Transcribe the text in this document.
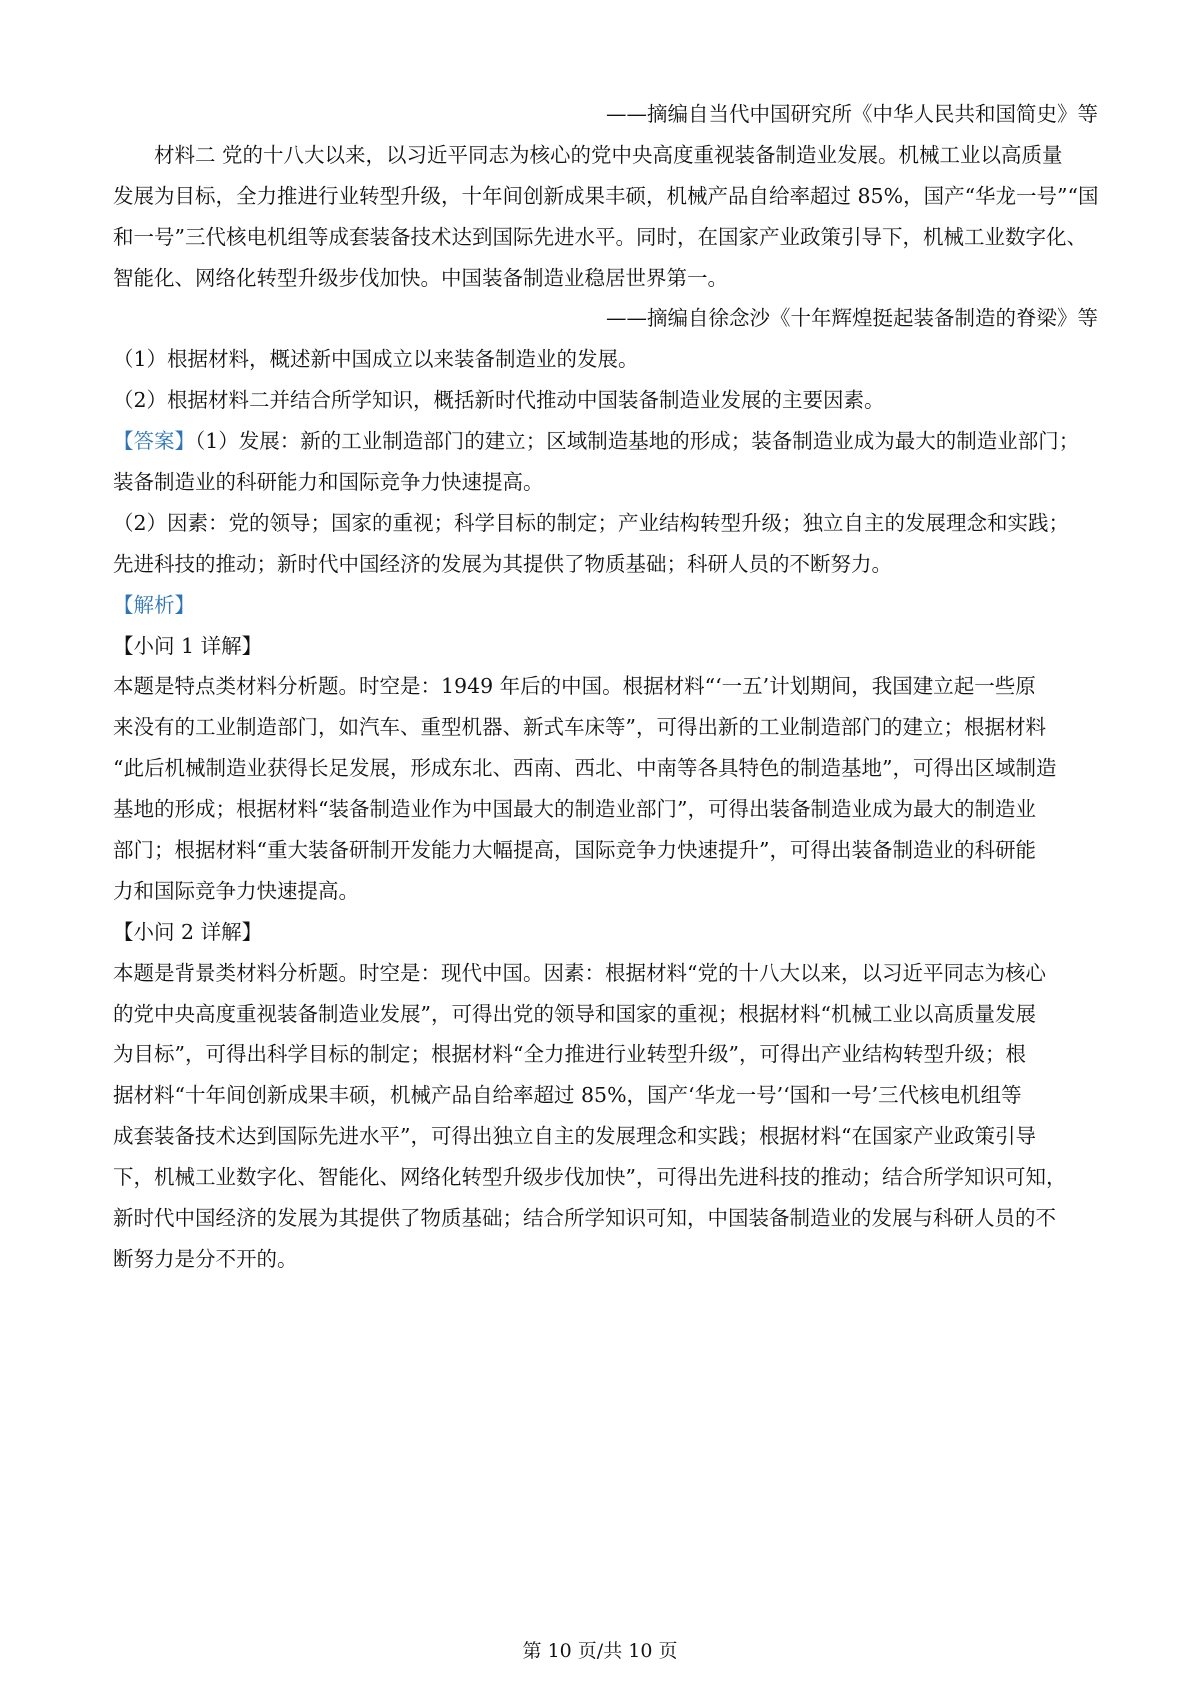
——摘编自当代中国研究所《中华人民共和国简史》等
材料二 党的十八大以来，以习近平同志为核心的党中央高度重视装备制造业发展。机械工业以高质量
发展为目标，全力推进行业转型升级，十年间创新成果丰硕，机械产品自给率超过 85%，国产“华龙一号”“国
和一号”三代核电机组等成套装备技术达到国际先进水平。同时，在国家产业政策引导下，机械工业数字化、
智能化、网络化转型升级步伐加快。中国装备制造业稳居世界第一。
——摘编自徐念沙《十年辉煌挺起装备制造的脊梁》等
（1）根据材料，概述新中国成立以来装备制造业的发展。
（2）根据材料二并结合所学知识，概括新时代推动中国装备制造业发展的主要因素。
【答案】（1）发展：新的工业制造部门的建立；区域制造基地的形成；装备制造业成为最大的制造业部门；
装备制造业的科研能力和国际竞争力快速提高。
（2）因素：党的领导；国家的重视；科学目标的制定；产业结构转型升级；独立自主的发展理念和实践；
先进科技的推动；新时代中国经济的发展为其提供了物质基础；科研人员的不断努力。
【解析】
【小问 1 详解】
本题是特点类材料分析题。时空是：1949 年后的中国。根据材料“‘一五’计划期间，我国建立起一些原
来没有的工业制造部门，如汽车、重型机器、新式车床等”，可得出新的工业制造部门的建立；根据材料
“此后机械制造业获得长足发展，形成东北、西南、西北、中南等各具特色的制造基地”，可得出区域制造
基地的形成；根据材料“装备制造业作为中国最大的制造业部门”，可得出装备制造业成为最大的制造业
部门；根据材料“重大装备研制开发能力大幅提高，国际竞争力快速提升”，可得出装备制造业的科研能
力和国际竞争力快速提高。
【小问 2 详解】
本题是背景类材料分析题。时空是：现代中国。因素：根据材料“党的十八大以来，以习近平同志为核心
的党中央高度重视装备制造业发展”，可得出党的领导和国家的重视；根据材料“机械工业以高质量发展
为目标”，可得出科学目标的制定；根据材料“全力推进行业转型升级”，可得出产业结构转型升级；根
据材料“十年间创新成果丰硕，机械产品自给率超过 85%，国产‘华龙一号’‘国和一号’三代核电机组等
成套装备技术达到国际先进水平”，可得出独立自主的发展理念和实践；根据材料“在国家产业政策引导
下，机械工业数字化、智能化、网络化转型升级步伐加快”，可得出先进科技的推动；结合所学知识可知，
新时代中国经济的发展为其提供了物质基础；结合所学知识可知，中国装备制造业的发展与科研人员的不
断努力是分不开的。
第 10 页/共 10 页
